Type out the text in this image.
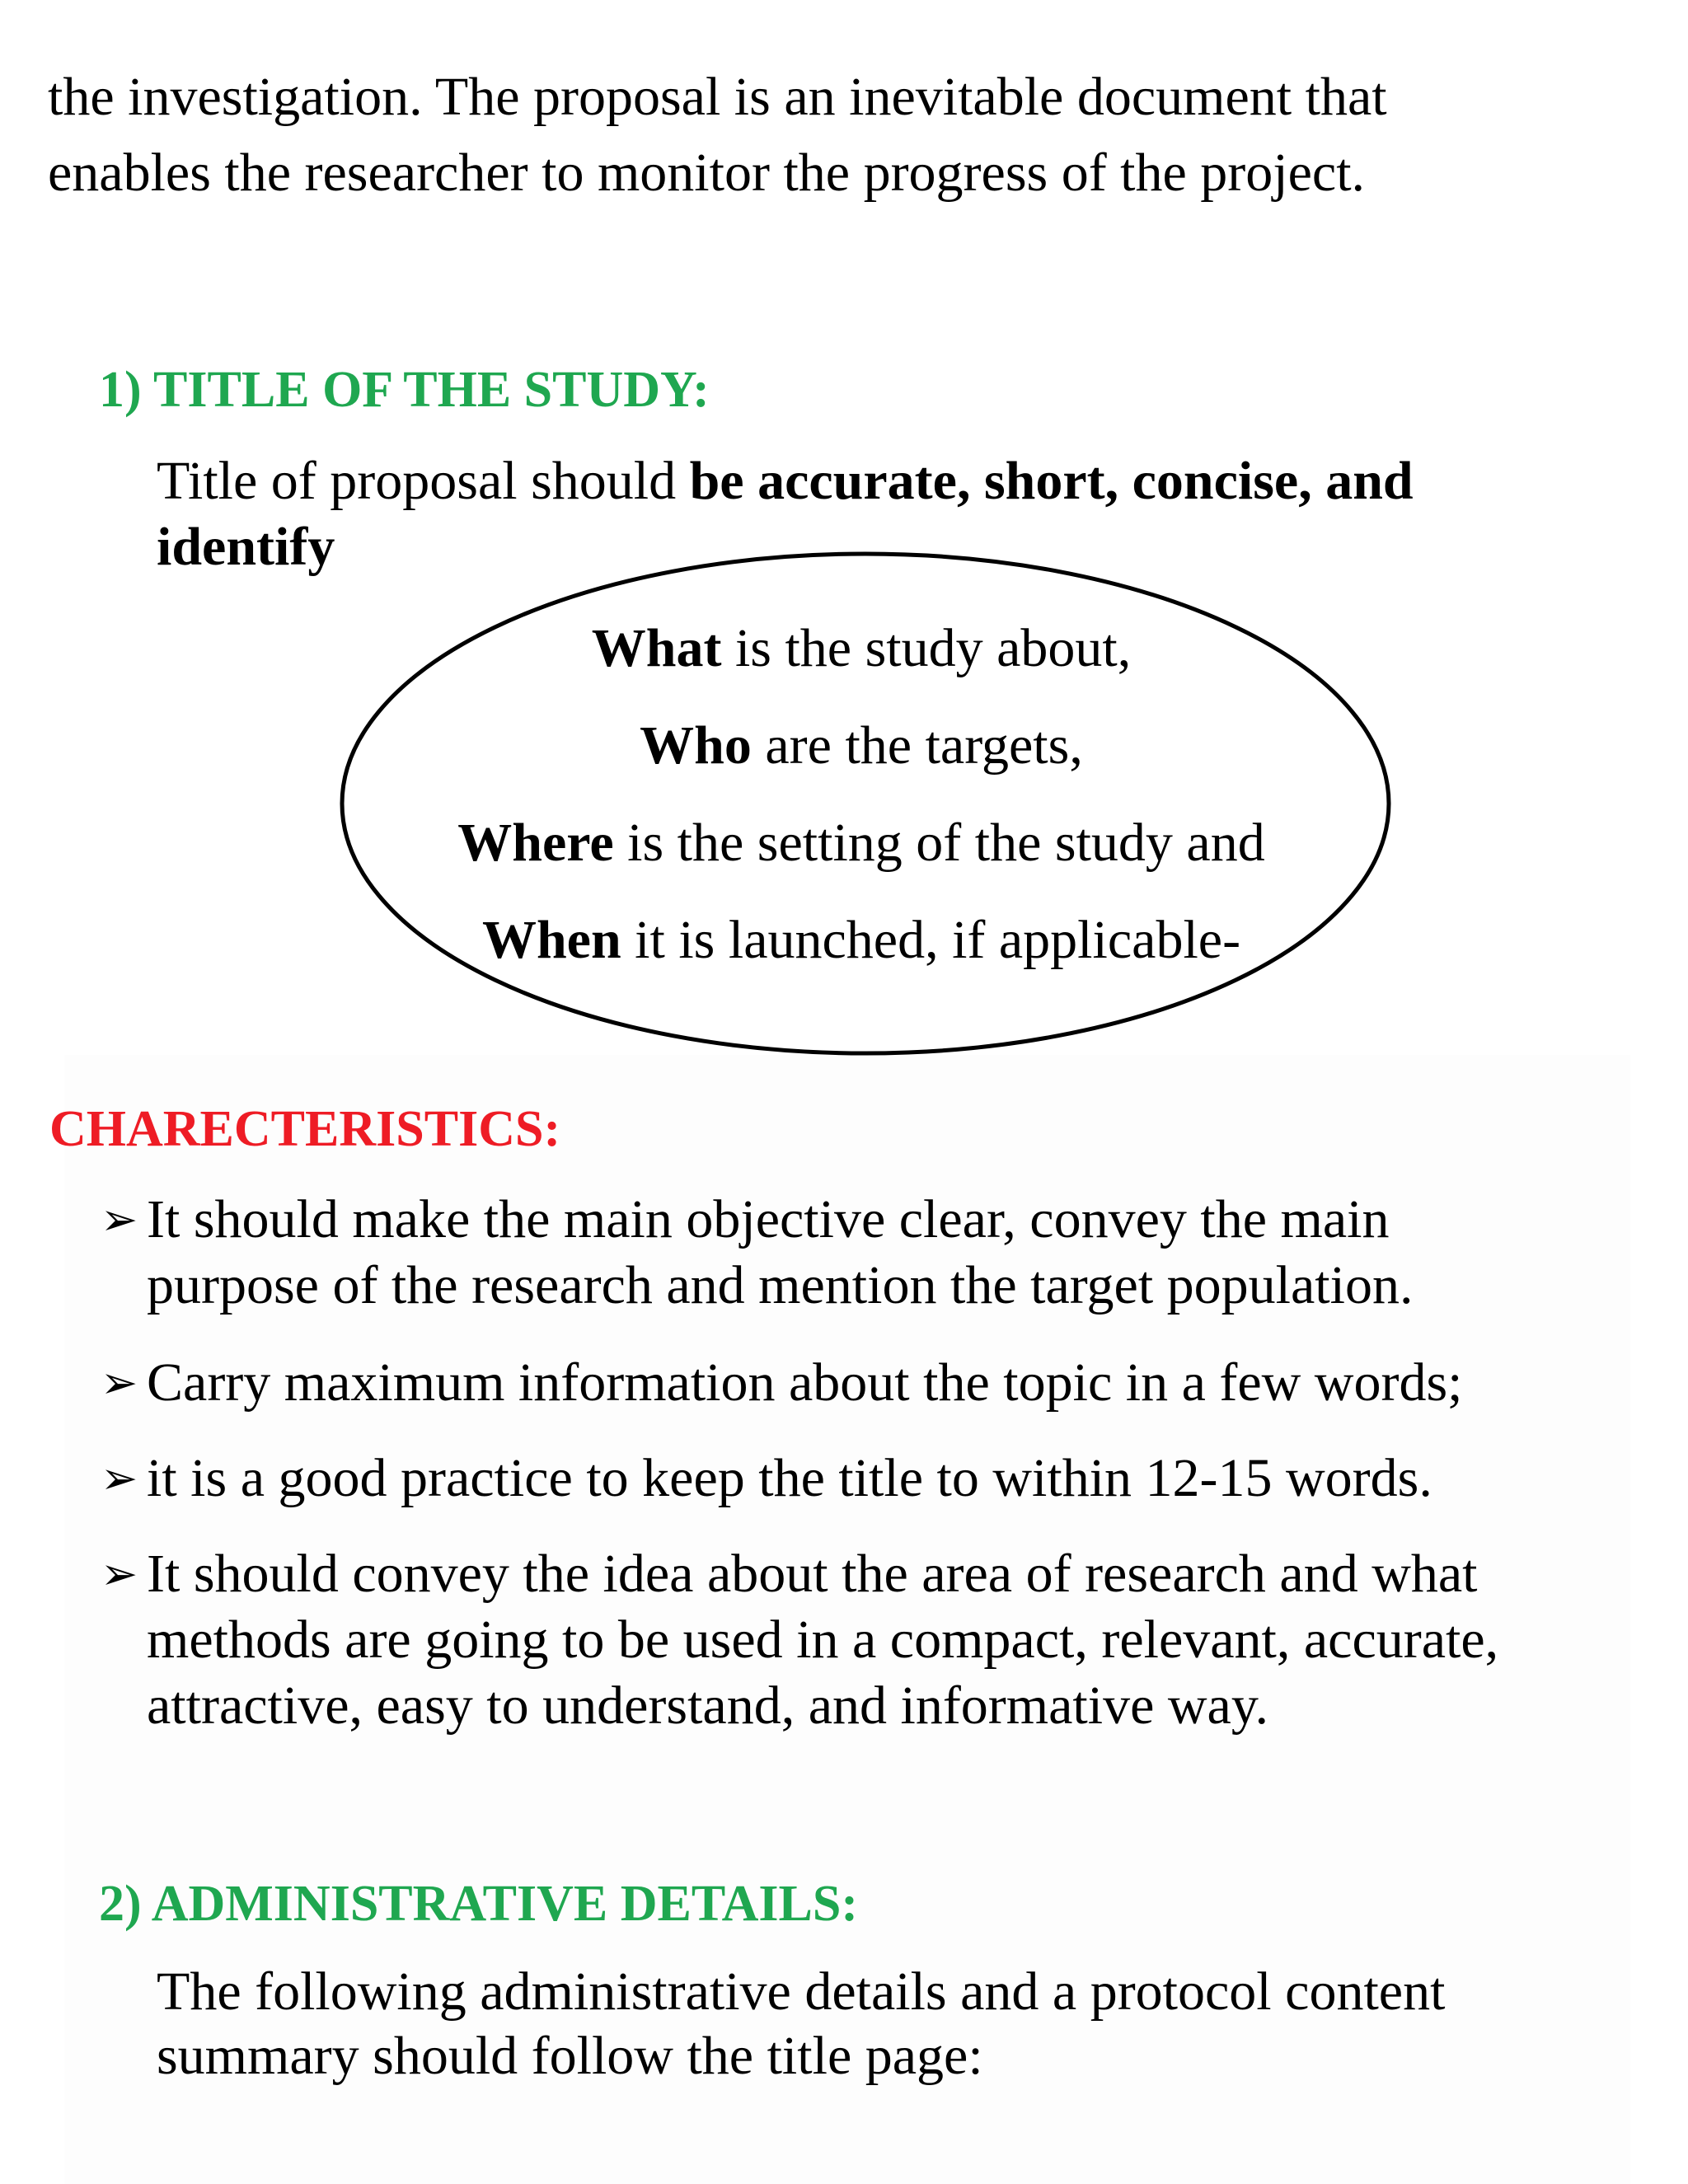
the investigation. The proposal is an inevitable document that
enables the researcher to monitor the progress of the project.
1) TITLE OF THE STUDY:
Title of proposal should be accurate, short, concise, and
identify
What is the study about,
Who are the targets,
Where is the setting of the study and
When it is launched, if applicable-
CHARECTERISTICS:
➢ It should make the main objective clear, convey the main
purpose of the research and mention the target population.
➢ Carry maximum information about the topic in a few words;
➢ it is a good practice to keep the title to within 12-15 words.
➢ It should convey the idea about the area of research and what
methods are going to be used in a compact, relevant, accurate,
attractive, easy to understand, and informative way.
2) ADMINISTRATIVE DETAILS:
The following administrative details and a protocol content
summary should follow the title page:
